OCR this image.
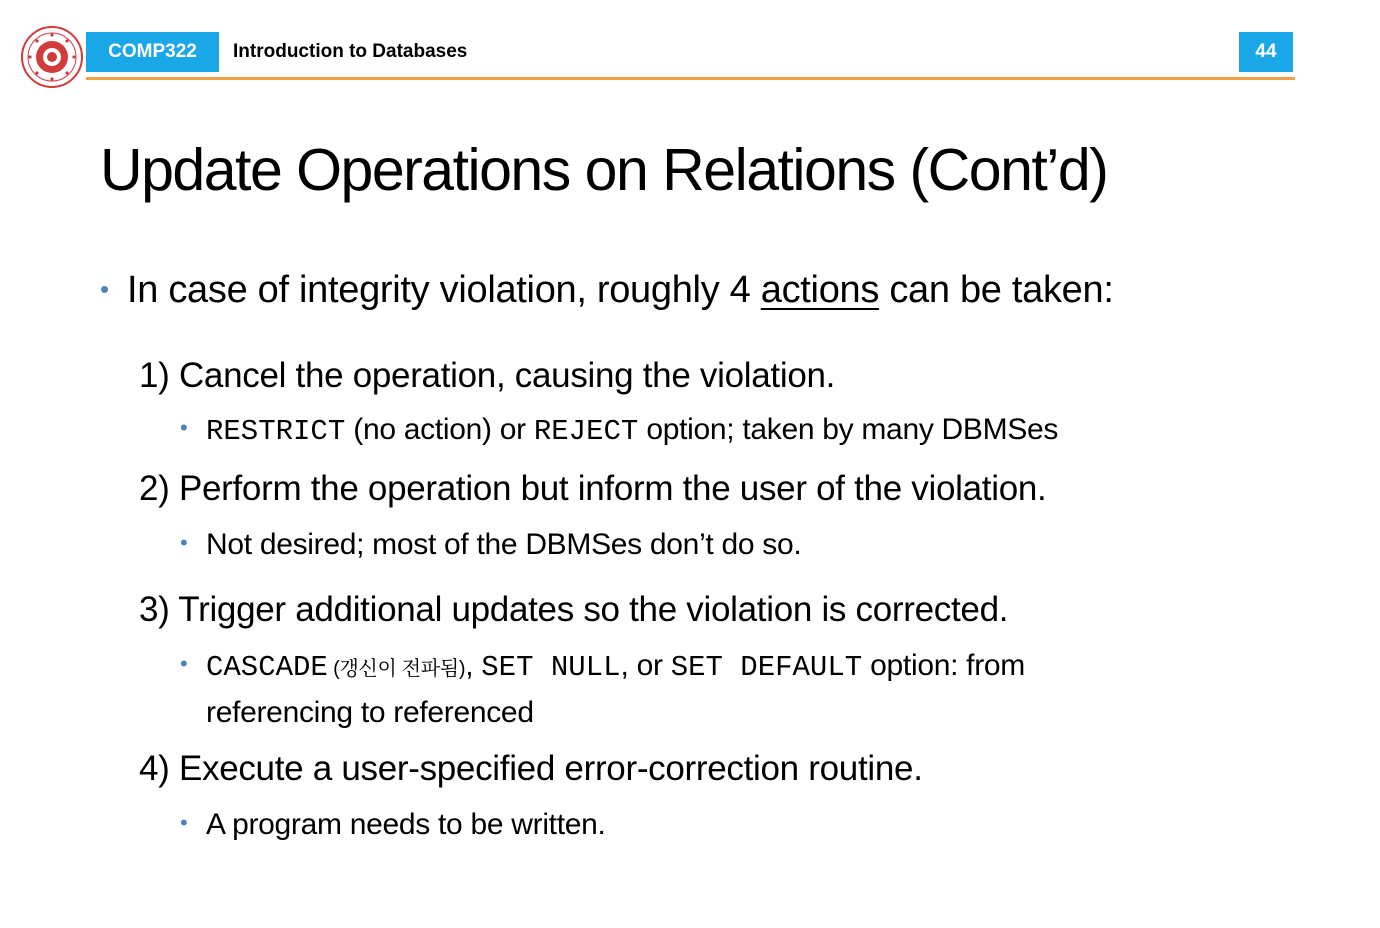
COMP322	Introduction to Databases	44
Update Operations on Relations (Cont’d)
• In case of integrity violation, roughly 4 actions can be taken:
1) Cancel the operation, causing the violation.
• RESTRICT (no action) or REJECT option; taken by many DBMSes
2) Perform the operation but inform the user of the violation.
• Not desired; most of the DBMSes don’t do so.
3) Trigger additional updates so the violation is corrected.
• CASCADE (갱신이 전파됨), SET NULL, or SET DEFAULT option: from
referencing to referenced
4) Execute a user-specified error-correction routine.
• A program needs to be written.
